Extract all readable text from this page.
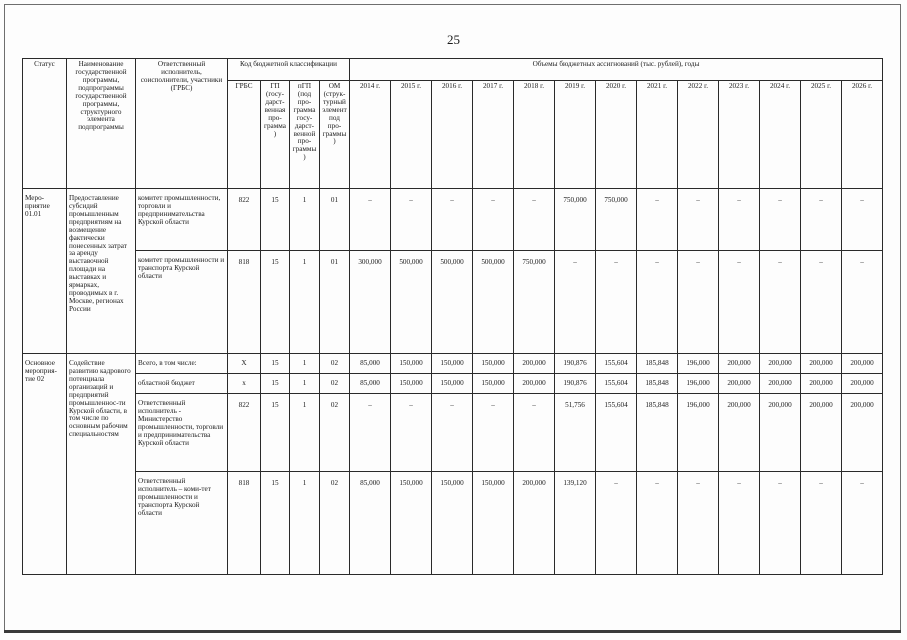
25
Статус	Наименование государственной программы, подпрограммы государственной программы, структурного элемента подпрограммы	Ответственный исполнитель, соисполнители, участники (ГРБС)	Код бюджетной классификации				Объемы бюджетных ассигнований (тыс. рублей), годы												
			ГРБС	ГП (госу-дарст-венная про-грамма)	пГП (под про-грамма госу-дарст-венной про-граммы)	ОМ (струк-турный элемент под про-граммы)	2014 г.	2015 г.	2016 г.	2017 г.	2018 г.	2019 г.	2020 г.	2021 г.	2022 г.	2023 г.	2024 г.	2025 г.	2026 г.
Меро-приятие 01.01	Предоставление субсидий промышленным предприятиям на возмещение фактически понесенных затрат за аренду выставочной площади на выставках и ярмарках, проводимых в г. Москве, регионах России	комитет промышленности, торговли и предпринимательства Курской области	822	15	1	01	–	–	–	–	–	750,000	750,000	–	–	–	–	–	–
		комитет промышленности и транспорта Курской области	818	15	1	01	300,000	500,000	500,000	500,000	750,000	–	–	–	–	–	–	–	–
Основное мероприя-тие 02	Содействие развитию кадрового потенциала организаций и предприятий промышленнос-ти Курской области, в том числе по основным рабочим специальностям	Всего, в том числе:	Х	15	1	02	85,000	150,000	150,000	150,000	200,000	190,876	155,604	185,848	196,000	200,000	200,000	200,000	200,000
		областной бюджет	х	15	1	02	85,000	150,000	150,000	150,000	200,000	190,876	155,604	185,848	196,000	200,000	200,000	200,000	200,000
		Ответственный исполнитель - Министерство промышленности, торговли и предпринимательства Курской области	822	15	1	02	–	–	–	–	–	51,756	155,604	185,848	196,000	200,000	200,000	200,000	200,000
		Ответственный исполнитель – коми-тет промышленности и транспорта Курской области	818	15	1	02	85,000	150,000	150,000	150,000	200,000	139,120	–	–	–	–	–	–	–
